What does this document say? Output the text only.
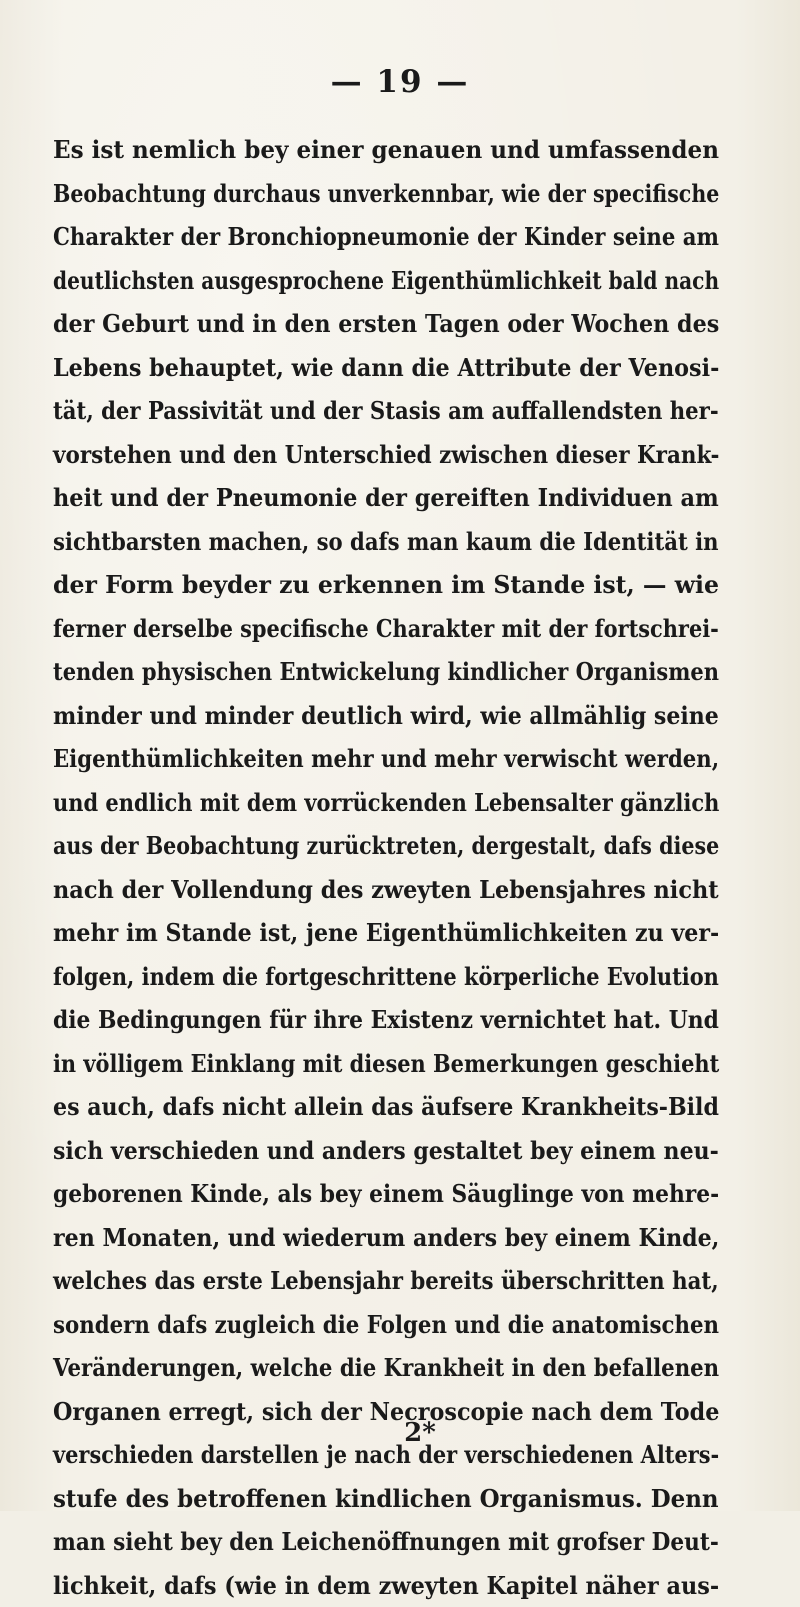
— 19 —
Es ist nemlich bey einer genauen und umfassenden
Beobachtung durchaus unverkennbar, wie der specifische
Charakter der Bronchiopneumonie der Kinder seine am
deutlichsten ausgesprochene Eigenthümlichkeit bald nach
der Geburt und in den ersten Tagen oder Wochen des
Lebens behauptet, wie dann die Attribute der Venosi-
tät, der Passivität und der Stasis am auffallendsten her-
vorstehen und den Unterschied zwischen dieser Krank-
heit und der Pneumonie der gereiften Individuen am
sichtbarsten machen, so dafs man kaum die Identität in
der Form beyder zu erkennen im Stande ist, — wie
ferner derselbe specifische Charakter mit der fortschrei-
tenden physischen Entwickelung kindlicher Organismen
minder und minder deutlich wird, wie allmählig seine
Eigenthümlichkeiten mehr und mehr verwischt werden,
und endlich mit dem vorrückenden Lebensalter gänzlich
aus der Beobachtung zurücktreten, dergestalt, dafs diese
nach der Vollendung des zweyten Lebensjahres nicht
mehr im Stande ist, jene Eigenthümlichkeiten zu ver-
folgen, indem die fortgeschrittene körperliche Evolution
die Bedingungen für ihre Existenz vernichtet hat. Und
in völligem Einklang mit diesen Bemerkungen geschieht
es auch, dafs nicht allein das äufsere Krankheits-Bild
sich verschieden und anders gestaltet bey einem neu-
geborenen Kinde, als bey einem Säuglinge von mehre-
ren Monaten, und wiederum anders bey einem Kinde,
welches das erste Lebensjahr bereits überschritten hat,
sondern dafs zugleich die Folgen und die anatomischen
Veränderungen, welche die Krankheit in den befallenen
Organen erregt, sich der Necroscopie nach dem Tode
verschieden darstellen je nach der verschiedenen Alters-
stufe des betroffenen kindlichen Organismus. Denn
man sieht bey den Leichenöffnungen mit grofser Deut-
lichkeit, dafs (wie in dem zweyten Kapitel näher aus-
2*
